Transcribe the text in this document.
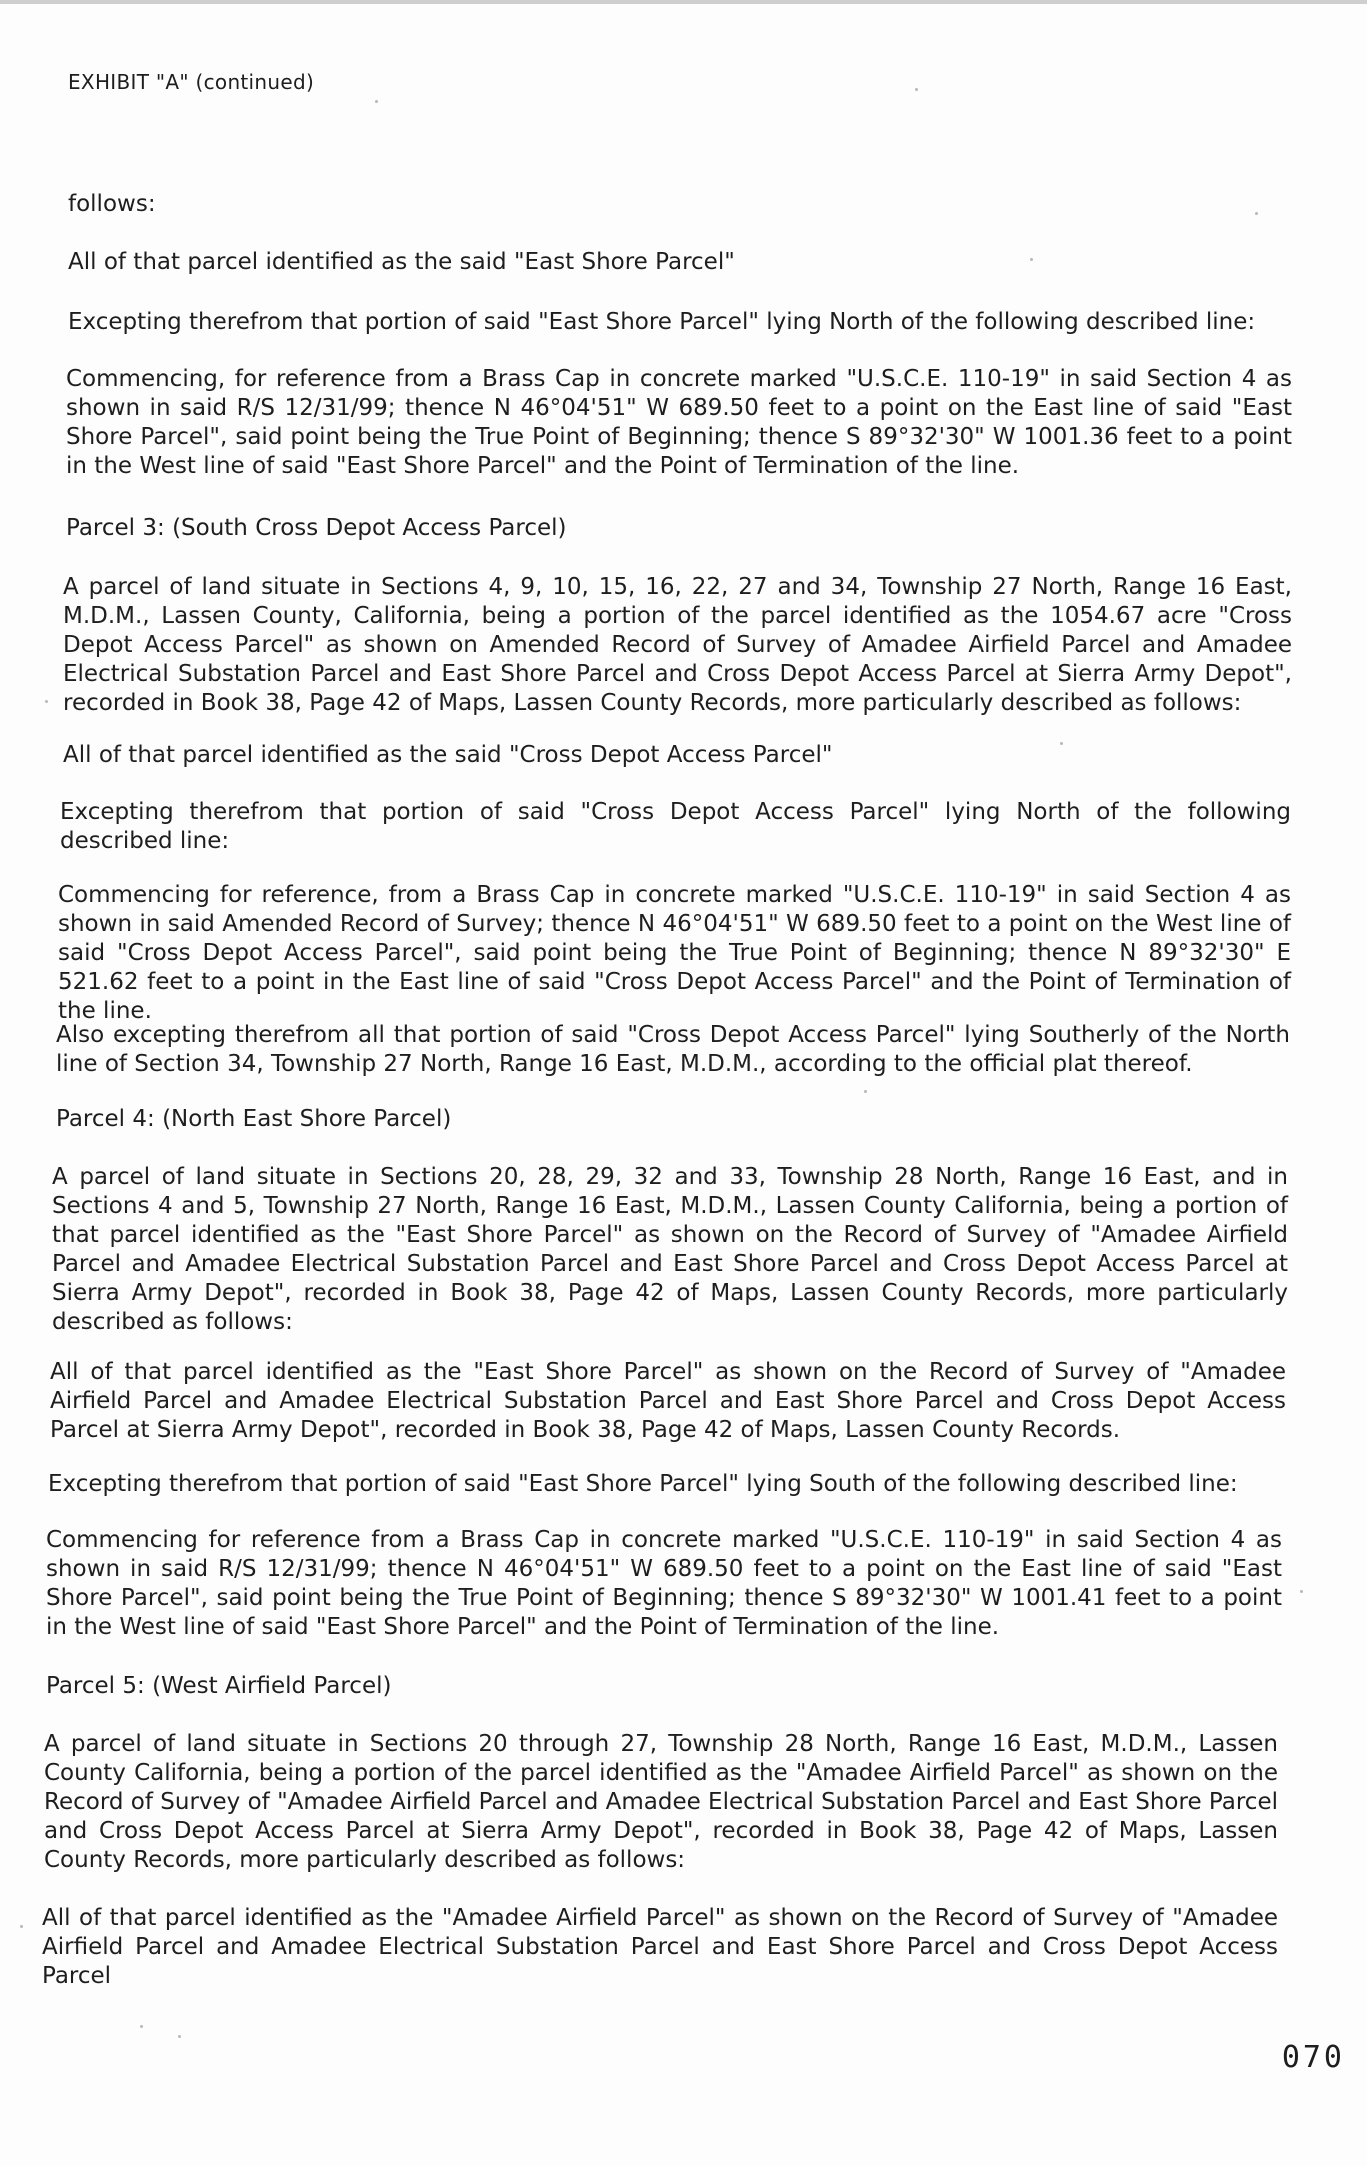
EXHIBIT "A" (continued)
follows:
All of that parcel identified as the said "East Shore Parcel"
Excepting therefrom that portion of said "East Shore Parcel" lying North of the following described line:
Commencing, for reference from a Brass Cap in concrete marked "U.S.C.E. 110-19" in said Section 4 as shown in said R/S 12/31/99; thence N 46°04'51" W 689.50 feet to a point on the East line of said "East Shore Parcel", said point being the True Point of Beginning; thence S 89°32'30" W 1001.36 feet to a point in the West line of said "East Shore Parcel" and the Point of Termination of the line.
Parcel 3: (South Cross Depot Access Parcel)
A parcel of land situate in Sections 4, 9, 10, 15, 16, 22, 27 and 34, Township 27 North, Range 16 East, M.D.M., Lassen County, California, being a portion of the parcel identified as the 1054.67 acre "Cross Depot Access Parcel" as shown on Amended Record of Survey of Amadee Airfield Parcel and Amadee Electrical Substation Parcel and East Shore Parcel and Cross Depot Access Parcel at Sierra Army Depot", recorded in Book 38, Page 42 of Maps, Lassen County Records, more particularly described as follows:
All of that parcel identified as the said "Cross Depot Access Parcel"
Excepting therefrom that portion of said "Cross Depot Access Parcel" lying North of the following described line:
Commencing for reference, from a Brass Cap in concrete marked "U.S.C.E. 110-19" in said Section 4 as shown in said Amended Record of Survey; thence N 46°04'51" W 689.50 feet to a point on the West line of said "Cross Depot Access Parcel", said point being the True Point of Beginning; thence N 89°32'30" E 521.62 feet to a point in the East line of said "Cross Depot Access Parcel" and the Point of Termination of the line.
Also excepting therefrom all that portion of said "Cross Depot Access Parcel" lying Southerly of the North line of Section 34, Township 27 North, Range 16 East, M.D.M., according to the official plat thereof.
Parcel 4: (North East Shore Parcel)
A parcel of land situate in Sections 20, 28, 29, 32 and 33, Township 28 North, Range 16 East, and in Sections 4 and 5, Township 27 North, Range 16 East, M.D.M., Lassen County California, being a portion of that parcel identified as the "East Shore Parcel" as shown on the Record of Survey of "Amadee Airfield Parcel and Amadee Electrical Substation Parcel and East Shore Parcel and Cross Depot Access Parcel at Sierra Army Depot", recorded in Book 38, Page 42 of Maps, Lassen County Records, more particularly described as follows:
All of that parcel identified as the "East Shore Parcel" as shown on the Record of Survey of "Amadee Airfield Parcel and Amadee Electrical Substation Parcel and East Shore Parcel and Cross Depot Access Parcel at Sierra Army Depot", recorded in Book 38, Page 42 of Maps, Lassen County Records.
Excepting therefrom that portion of said "East Shore Parcel" lying South of the following described line:
Commencing for reference from a Brass Cap in concrete marked "U.S.C.E. 110-19" in said Section 4 as shown in said R/S 12/31/99; thence N 46°04'51" W 689.50 feet to a point on the East line of said "East Shore Parcel", said point being the True Point of Beginning; thence S 89°32'30" W 1001.41 feet to a point in the West line of said "East Shore Parcel" and the Point of Termination of the line.
Parcel 5: (West Airfield Parcel)
A parcel of land situate in Sections 20 through 27, Township 28 North, Range 16 East, M.D.M., Lassen County California, being a portion of the parcel identified as the "Amadee Airfield Parcel" as shown on the Record of Survey of "Amadee Airfield Parcel and Amadee Electrical Substation Parcel and East Shore Parcel and Cross Depot Access Parcel at Sierra Army Depot", recorded in Book 38, Page 42 of Maps, Lassen County Records, more particularly described as follows:
All of that parcel identified as the "Amadee Airfield Parcel" as shown on the Record of Survey of "Amadee Airfield Parcel and Amadee Electrical Substation Parcel and East Shore Parcel and Cross Depot Access Parcel
070
